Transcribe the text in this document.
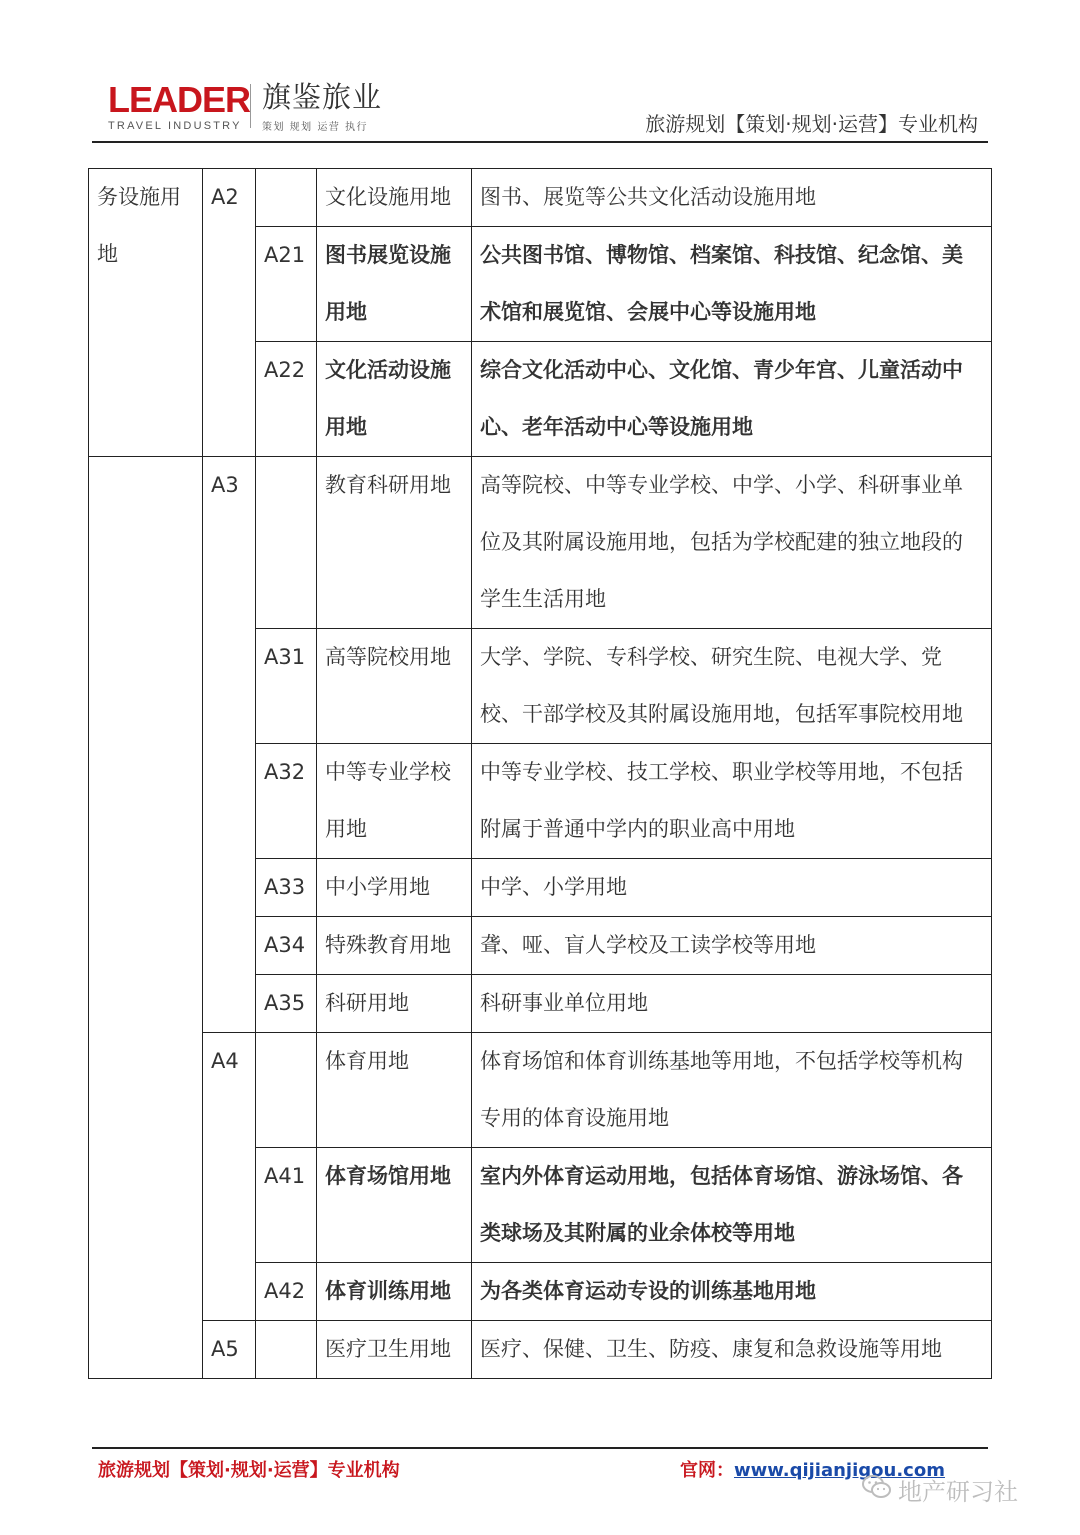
LEADER
TRAVEL INDUSTRY
旗鉴旅业
策划 规划 运营 执行	旅游规划【策划·规划·运营】专业机构
务设施用地	A2		文化设施用地	图书、展览等公共文化活动设施用地
		A21	图书展览设施用地	公共图书馆、博物馆、档案馆、科技馆、纪念馆、美术馆和展览馆、会展中心等设施用地
		A22	文化活动设施用地	综合文化活动中心、文化馆、青少年宫、儿童活动中心、老年活动中心等设施用地
	A3		教育科研用地	高等院校、中等专业学校、中学、小学、科研事业单位及其附属设施用地，包括为学校配建的独立地段的学生生活用地
		A31	高等院校用地	大学、学院、专科学校、研究生院、电视大学、党校、干部学校及其附属设施用地，包括军事院校用地
		A32	中等专业学校用地	中等专业学校、技工学校、职业学校等用地，不包括附属于普通中学内的职业高中用地
		A33	中小学用地	中学、小学用地
		A34	特殊教育用地	聋、哑、盲人学校及工读学校等用地
		A35	科研用地	科研事业单位用地
	A4		体育用地	体育场馆和体育训练基地等用地，不包括学校等机构专用的体育设施用地
		A41	体育场馆用地	室内外体育运动用地，包括体育场馆、游泳场馆、各类球场及其附属的业余体校等用地
		A42	体育训练用地	为各类体育运动专设的训练基地用地
	A5		医疗卫生用地	医疗、保健、卫生、防疫、康复和急救设施等用地
旅游规划【策划·规划·运营】专业机构	官网：www.qijianjigou.com
地产研习社
